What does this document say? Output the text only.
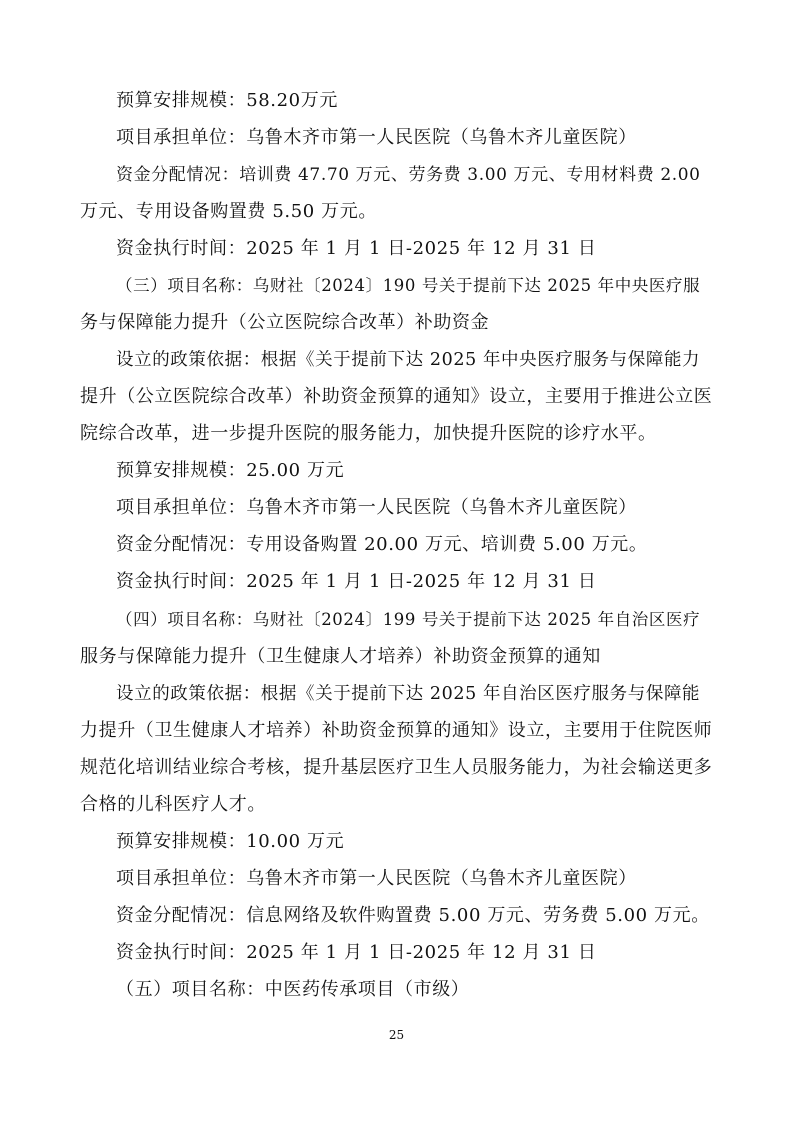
预算安排规模：58.20万元
项目承担单位：乌鲁木齐市第一人民医院（乌鲁木齐儿童医院）
资金分配情况：培训费 47.70 万元、劳务费 3.00 万元、专用材料费 2.00
万元、专用设备购置费 5.50 万元。
资金执行时间：2025 年 1 月 1 日-2025 年 12 月 31 日
（三）项目名称：乌财社〔2024〕190 号关于提前下达 2025 年中央医疗服
务与保障能力提升（公立医院综合改革）补助资金
设立的政策依据：根据《关于提前下达 2025 年中央医疗服务与保障能力
提升（公立医院综合改革）补助资金预算的通知》设立，主要用于推进公立医
院综合改革，进一步提升医院的服务能力，加快提升医院的诊疗水平。
预算安排规模：25.00 万元
项目承担单位：乌鲁木齐市第一人民医院（乌鲁木齐儿童医院）
资金分配情况：专用设备购置 20.00 万元、培训费 5.00 万元。
资金执行时间：2025 年 1 月 1 日-2025 年 12 月 31 日
（四）项目名称：乌财社〔2024〕199 号关于提前下达 2025 年自治区医疗
服务与保障能力提升（卫生健康人才培养）补助资金预算的通知
设立的政策依据：根据《关于提前下达 2025 年自治区医疗服务与保障能
力提升（卫生健康人才培养）补助资金预算的通知》设立，主要用于住院医师
规范化培训结业综合考核，提升基层医疗卫生人员服务能力，为社会输送更多
合格的儿科医疗人才。
预算安排规模：10.00 万元
项目承担单位：乌鲁木齐市第一人民医院（乌鲁木齐儿童医院）
资金分配情况：信息网络及软件购置费 5.00 万元、劳务费 5.00 万元。
资金执行时间：2025 年 1 月 1 日-2025 年 12 月 31 日
（五）项目名称：中医药传承项目（市级）
25
